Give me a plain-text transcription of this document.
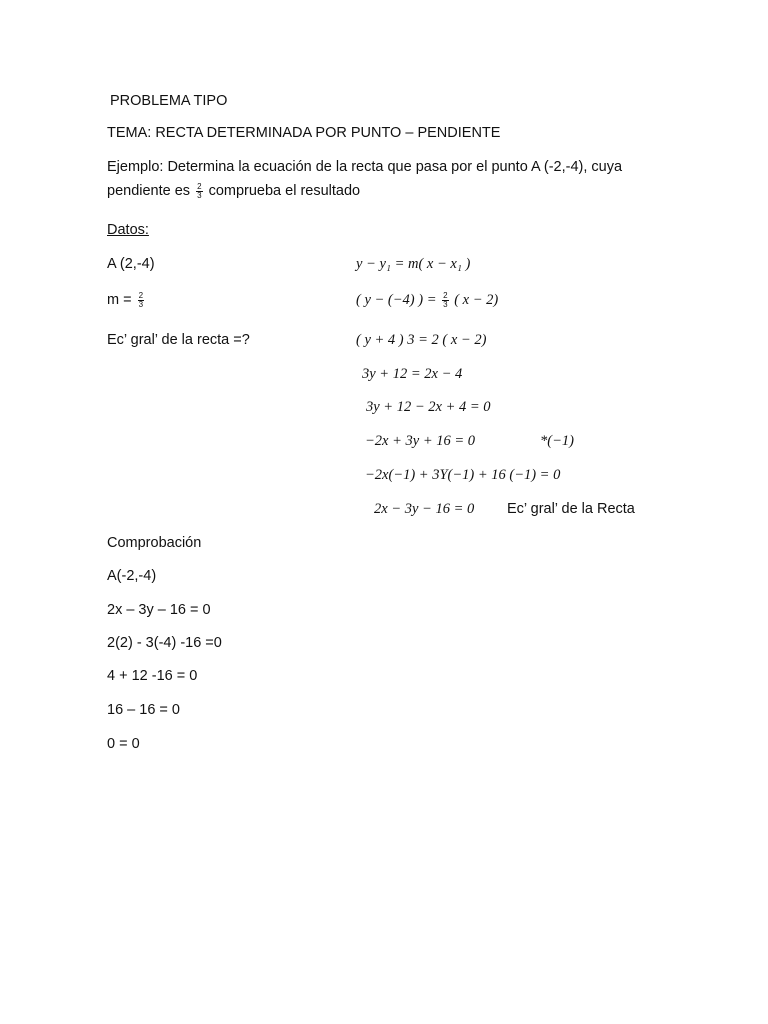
PROBLEMA TIPO
TEMA: RECTA DETERMINADA POR PUNTO – PENDIENTE
Ejemplo: Determina la ecuación de la recta que pasa por el punto A (-2,-4), cuya
pendiente es $\frac{2}{3}$ comprueba el resultado
Datos:
A (2,-4)
$m = \frac{2}{3}$
Ec’ gral’ de la recta =?
y − y₁ = m( x − x₁ )
( y − (−4) ) = $\frac{2}{3}$ ( x − 2)
( y + 4 ) 3 = 2 ( x − 2)
3y + 12 = 2x − 4
3y + 12 − 2x + 4 = 0
−2x + 3y + 16 = 0	*(−1)
−2x(−1) + 3Y(−1) + 16 (−1) = 0
2x − 3y − 16 = 0 Ec’ gral’ de la Recta
Comprobación
A(-2,-4)
2x – 3y – 16 = 0
2(2) - 3(-4) -16 =0
4 + 12 -16 = 0
16 – 16 = 0
0 = 0
